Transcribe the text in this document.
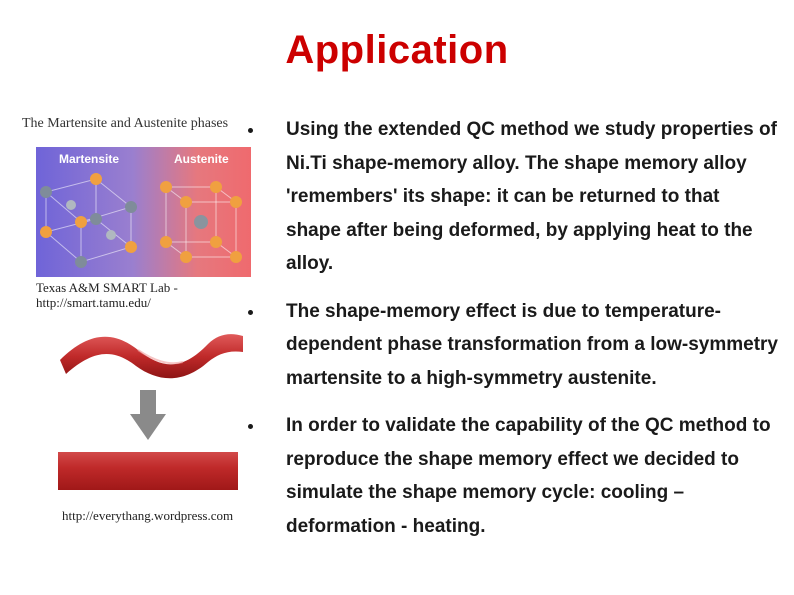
Application
The Martensite and Austenite phases
Martensite	Austenite
Texas A&M SMART Lab -
http://smart.tamu.edu/
http://everythang.wordpress.com
Using the extended QC method we study properties of Ni.Ti shape-memory alloy. The shape memory alloy 'remembers' its shape: it can be returned to that shape after being deformed, by applying heat to the alloy.
The shape-memory effect is due to temperature-dependent phase transformation from a low-symmetry martensite to a high-symmetry austenite.
In order to validate the capability of the QC method to reproduce the shape memory effect we decided to simulate the shape memory cycle: cooling – deformation - heating.
